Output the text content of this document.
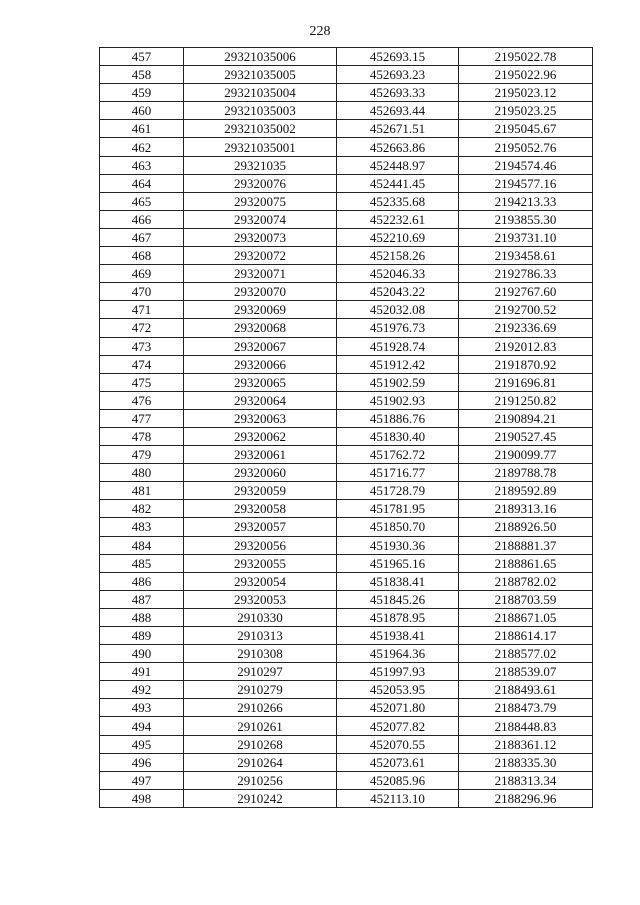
228
457	29321035006	452693.15	2195022.78
458	29321035005	452693.23	2195022.96
459	29321035004	452693.33	2195023.12
460	29321035003	452693.44	2195023.25
461	29321035002	452671.51	2195045.67
462	29321035001	452663.86	2195052.76
463	29321035	452448.97	2194574.46
464	29320076	452441.45	2194577.16
465	29320075	452335.68	2194213.33
466	29320074	452232.61	2193855.30
467	29320073	452210.69	2193731.10
468	29320072	452158.26	2193458.61
469	29320071	452046.33	2192786.33
470	29320070	452043.22	2192767.60
471	29320069	452032.08	2192700.52
472	29320068	451976.73	2192336.69
473	29320067	451928.74	2192012.83
474	29320066	451912.42	2191870.92
475	29320065	451902.59	2191696.81
476	29320064	451902.93	2191250.82
477	29320063	451886.76	2190894.21
478	29320062	451830.40	2190527.45
479	29320061	451762.72	2190099.77
480	29320060	451716.77	2189788.78
481	29320059	451728.79	2189592.89
482	29320058	451781.95	2189313.16
483	29320057	451850.70	2188926.50
484	29320056	451930.36	2188881.37
485	29320055	451965.16	2188861.65
486	29320054	451838.41	2188782.02
487	29320053	451845.26	2188703.59
488	2910330	451878.95	2188671.05
489	2910313	451938.41	2188614.17
490	2910308	451964.36	2188577.02
491	2910297	451997.93	2188539.07
492	2910279	452053.95	2188493.61
493	2910266	452071.80	2188473.79
494	2910261	452077.82	2188448.83
495	2910268	452070.55	2188361.12
496	2910264	452073.61	2188335.30
497	2910256	452085.96	2188313.34
498	2910242	452113.10	2188296.96
